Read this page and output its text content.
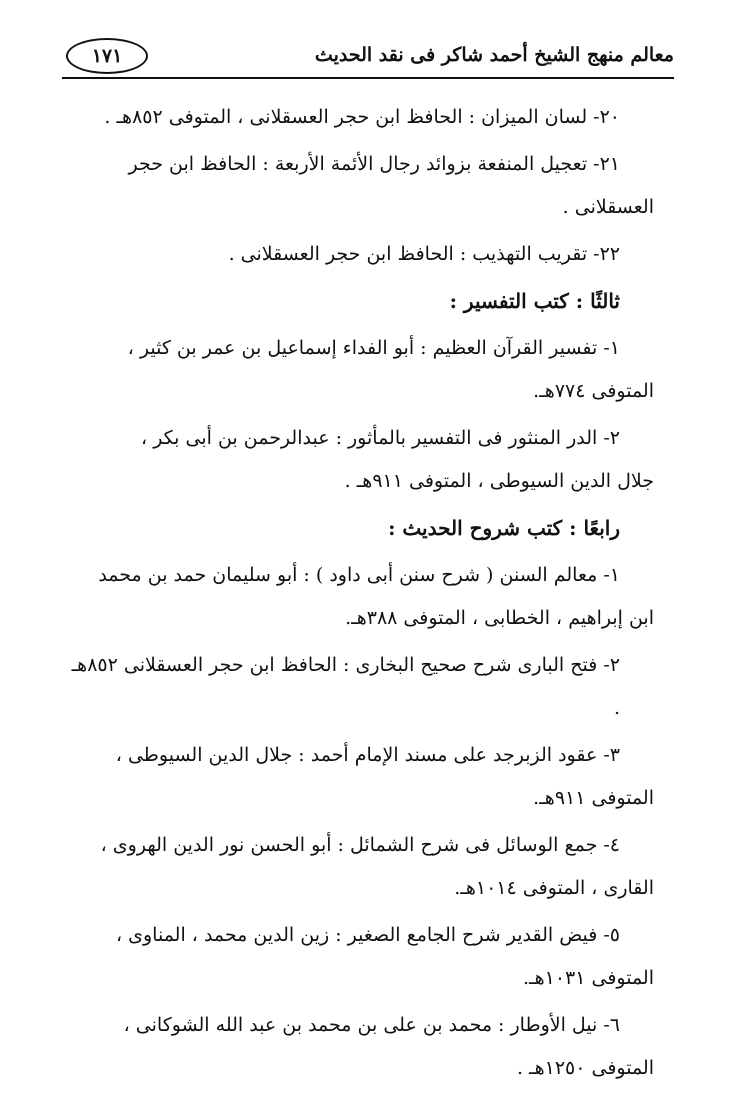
١٧١	معالم منهج الشيخ أحمد شاكر فى نقد الحديث
٢٠- لسان الميزان : الحافظ ابن حجر العسقلانى ، المتوفى ٨٥٢هـ .
٢١- تعجيل المنفعة بزوائد رجال الأئمة الأربعة : الحافظ ابن حجر
العسقلانى .
٢٢- تقريب التهذيب : الحافظ ابن حجر العسقلانى .
ثالثًا : كتب التفسير :
١- تفسير القرآن العظيم : أبو الفداء إسماعيل بن عمر بن كثير ،
المتوفى ٧٧٤هـ.
٢- الدر المنثور فى التفسير بالمأثور : عبدالرحمن بن أبى بكر ،
جلال الدين السيوطى ، المتوفى ٩١١هـ .
رابعًا : كتب شروح الحديث :
١- معالم السنن ( شرح سنن أبى داود ) : أبو سليمان حمد بن محمد
ابن إبراهيم ، الخطابى ، المتوفى ٣٨٨هـ.
٢- فتح البارى شرح صحيح البخارى : الحافظ ابن حجر العسقلانى ٨٥٢هـ .
٣- عقود الزبرجد على مسند الإمام أحمد : جلال الدين السيوطى ،
المتوفى ٩١١هـ.
٤- جمع الوسائل فى شرح الشمائل : أبو الحسن نور الدين الهروى ،
القارى ، المتوفى ١٠١٤هـ.
٥- فيض القدير شرح الجامع الصغير : زين الدين محمد ، المناوى ،
المتوفى ١٠٣١هـ.
٦- نيل الأوطار : محمد بن على بن محمد بن عبد الله الشوكانى ،
المتوفى ١٢٥٠هـ .
